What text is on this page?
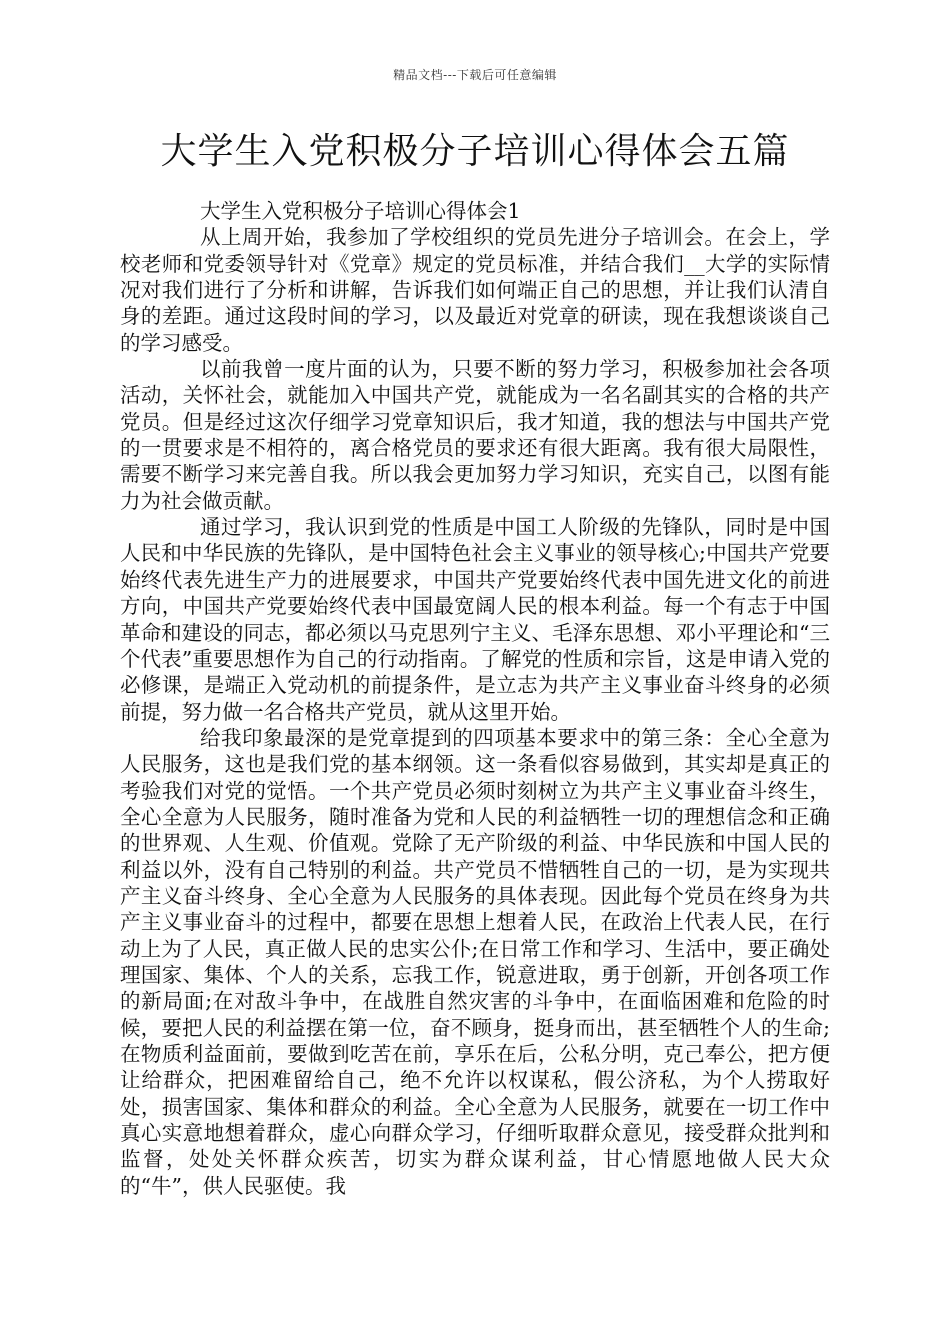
精品文档---下载后可任意编辑
大学生入党积极分子培训心得体会五篇
大学生入党积极分子培训心得体会1

从上周开始，我参加了学校组织的党员先进分子培训会。在会上，学校老师和党委领导针对《党章》规定的党员标准，并结合我们__大学的实际情况对我们进行了分析和讲解，告诉我们如何端正自己的思想，并让我们认清自身的差距。通过这段时间的学习，以及最近对党章的研读，现在我想谈谈自己的学习感受。

以前我曾一度片面的认为，只要不断的努力学习，积极参加社会各项活动，关怀社会，就能加入中国共产党，就能成为一名名副其实的合格的共产党员。但是经过这次仔细学习党章知识后，我才知道，我的想法与中国共产党的一贯要求是不相符的，离合格党员的要求还有很大距离。我有很大局限性，需要不断学习来完善自我。所以我会更加努力学习知识，充实自己，以图有能力为社会做贡献。

通过学习，我认识到党的性质是中国工人阶级的先锋队，同时是中国人民和中华民族的先锋队，是中国特色社会主义事业的领导核心;中国共产党要始终代表先进生产力的进展要求，中国共产党要始终代表中国先进文化的前进方向，中国共产党要始终代表中国最宽阔人民的根本利益。每一个有志于中国革命和建设的同志，都必须以马克思列宁主义、毛泽东思想、邓小平理论和“三个代表”重要思想作为自己的行动指南。了解党的性质和宗旨，这是申请入党的必修课，是端正入党动机的前提条件，是立志为共产主义事业奋斗终身的必须前提，努力做一名合格共产党员，就从这里开始。

给我印象最深的是党章提到的四项基本要求中的第三条：全心全意为人民服务，这也是我们党的基本纲领。这一条看似容易做到，其实却是真正的考验我们对党的觉悟。一个共产党员必须时刻树立为共产主义事业奋斗终生，全心全意为人民服务，随时准备为党和人民的利益牺牲一切的理想信念和正确的世界观、人生观、价值观。党除了无产阶级的利益、中华民族和中国人民的利益以外，没有自己特别的利益。共产党员不惜牺牲自己的一切，是为实现共产主义奋斗终身、全心全意为人民服务的具体表现。因此每个党员在终身为共产主义事业奋斗的过程中，都要在思想上想着人民，在政治上代表人民，在行动上为了人民，真正做人民的忠实公仆;在日常工作和学习、生活中，要正确处理国家、集体、个人的关系，忘我工作，锐意进取，勇于创新，开创各项工作的新局面;在对敌斗争中，在战胜自然灾害的斗争中，在面临困难和危险的时候，要把人民的利益摆在第一位，奋不顾身，挺身而出，甚至牺牲个人的生命;在物质利益面前，要做到吃苦在前，享乐在后，公私分明，克己奉公，把方便让给群众，把困难留给自己，绝不允许以权谋私，假公济私，为个人捞取好处，损害国家、集体和群众的利益。全心全意为人民服务，就要在一切工作中真心实意地想着群众，虚心向群众学习，仔细听取群众意见，接受群众批判和监督，处处关怀群众疾苦，切实为群众谋利益，甘心情愿地做人民大众的“牛”，供人民驱使。我
